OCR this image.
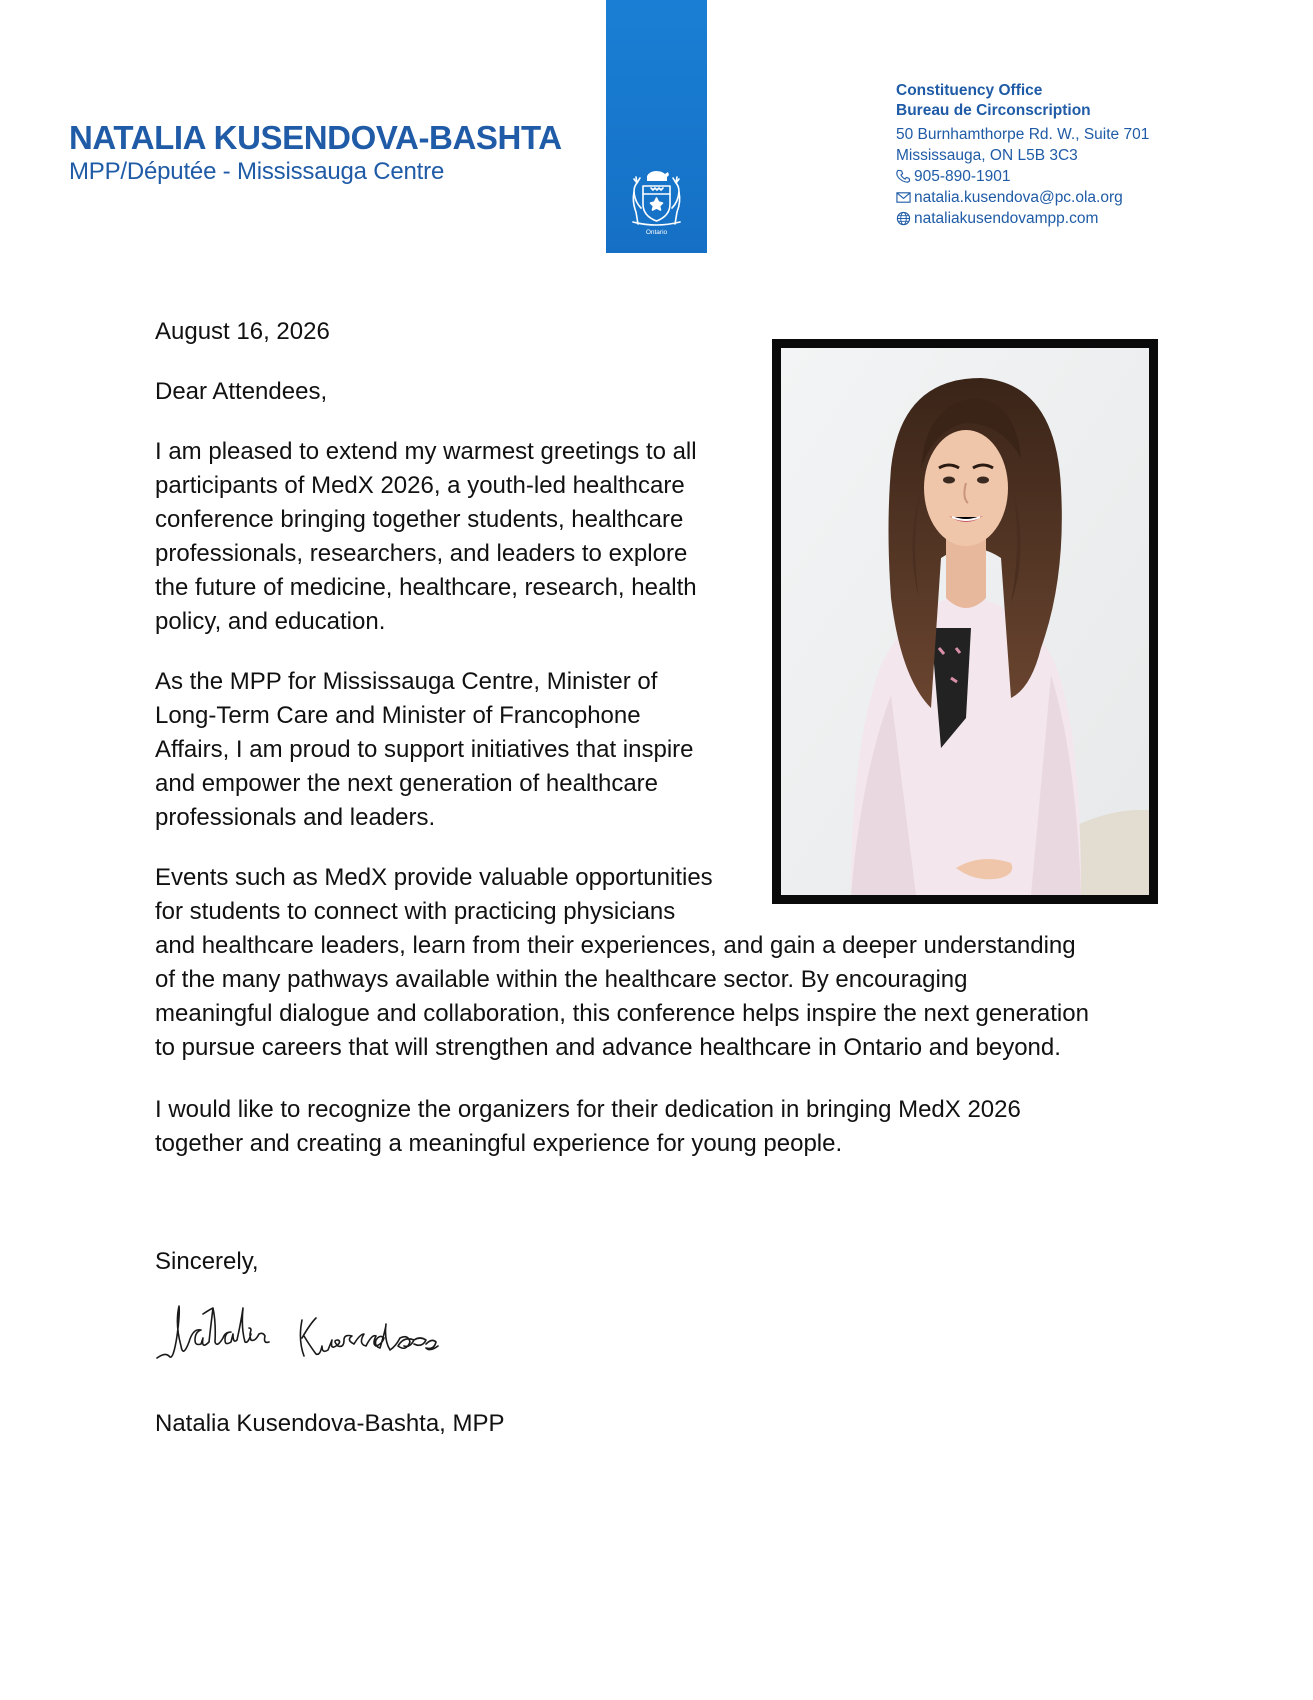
NATALIA KUSENDOVA-BASHTA
MPP/Députée - Mississauga Centre
Ontario
Constituency Office
Bureau de Circonscription
50 Burnhamthorpe Rd. W., Suite 701
Mississauga, ON L5B 3C3
905-890-1901
natalia.kusendova@pc.ola.org
nataliakusendovampp.com

August 16, 2026

Dear Attendees,

I am pleased to extend my warmest greetings to all
participants of MedX 2026, a youth-led healthcare
conference bringing together students, healthcare
professionals, researchers, and leaders to explore
the future of medicine, healthcare, research, health
policy, and education.

As the MPP for Mississauga Centre, Minister of
Long-Term Care and Minister of Francophone
Affairs, I am proud to support initiatives that inspire
and empower the next generation of healthcare
professionals and leaders.

Events such as MedX provide valuable opportunities
for students to connect with practicing physicians
and healthcare leaders, learn from their experiences, and gain a deeper understanding
of the many pathways available within the healthcare sector. By encouraging
meaningful dialogue and collaboration, this conference helps inspire the next generation
to pursue careers that will strengthen and advance healthcare in Ontario and beyond.

I would like to recognize the organizers for their dedication in bringing MedX 2026
together and creating a meaningful experience for young people.

Sincerely,

Natalia Kusendova-Bashta, MPP
